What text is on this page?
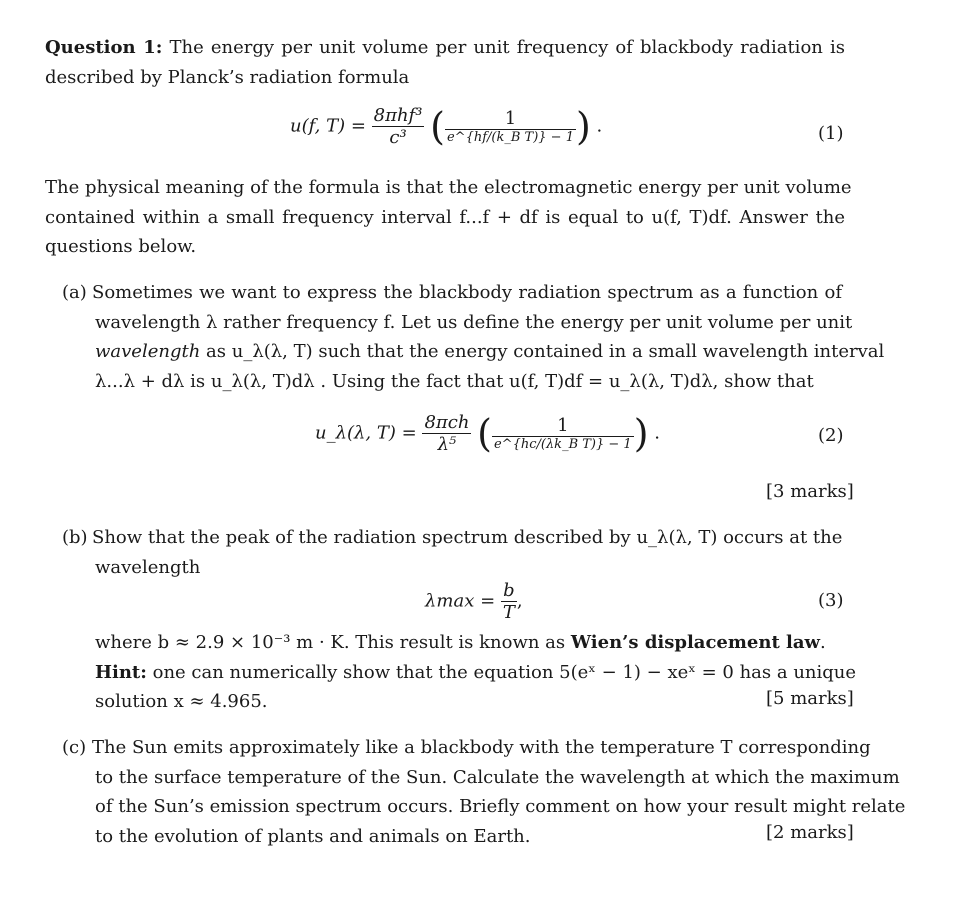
Question 1: The energy per unit volume per unit frequency of blackbody radiation is
described by Planck’s radiation formula
u(f, $T) = \frac{\text{8πhf³}}{\text{c³}}$ ( $\frac{1}{\text{e\textasciicircum{}\{hf/(k\_B T)\} − 1}}$ ) .	(1)
The physical meaning of the formula is that the electromagnetic energy per unit volume
contained within a small frequency interval f...f + df is equal to u(f, T)df. Answer the
questions below.
(a) Sometimes we want to express the blackbody radiation spectrum as a function of
wavelength λ rather frequency f. Let us define the energy per unit volume per unit
wavelength as u_λ(λ, T) such that the energy contained in a small wavelength interval
λ...λ + dλ is u_λ(λ, T)dλ . Using the fact that u(f, T)df = u_λ(λ, T)dλ, show that
u_λ(λ, $T) = \frac{\text{8πch}}{\text{λ⁵}}$ ( $\frac{1}{\text{e\textasciicircum{}\{hc/(λk\_B T)\} − 1}}$ ) .	(2)
[3 marks]
(b) Show that the peak of the radiation spectrum described by u_λ(λ, T) occurs at the
wavelength
$\lambda\max = \frac{b}{T}$ ,	(3)
where b ≈ 2.9 × 10⁻³ m · K. This result is known as Wien’s displacement law.
Hint: one can numerically show that the equation 5(eˣ − 1) − xeˣ = 0 has a unique
solution x ≈ 4.965.	[5 marks]
(c) The Sun emits approximately like a blackbody with the temperature T corresponding
to the surface temperature of the Sun. Calculate the wavelength at which the maximum
of the Sun’s emission spectrum occurs. Briefly comment on how your result might relate
to the evolution of plants and animals on Earth.	[2 marks]
